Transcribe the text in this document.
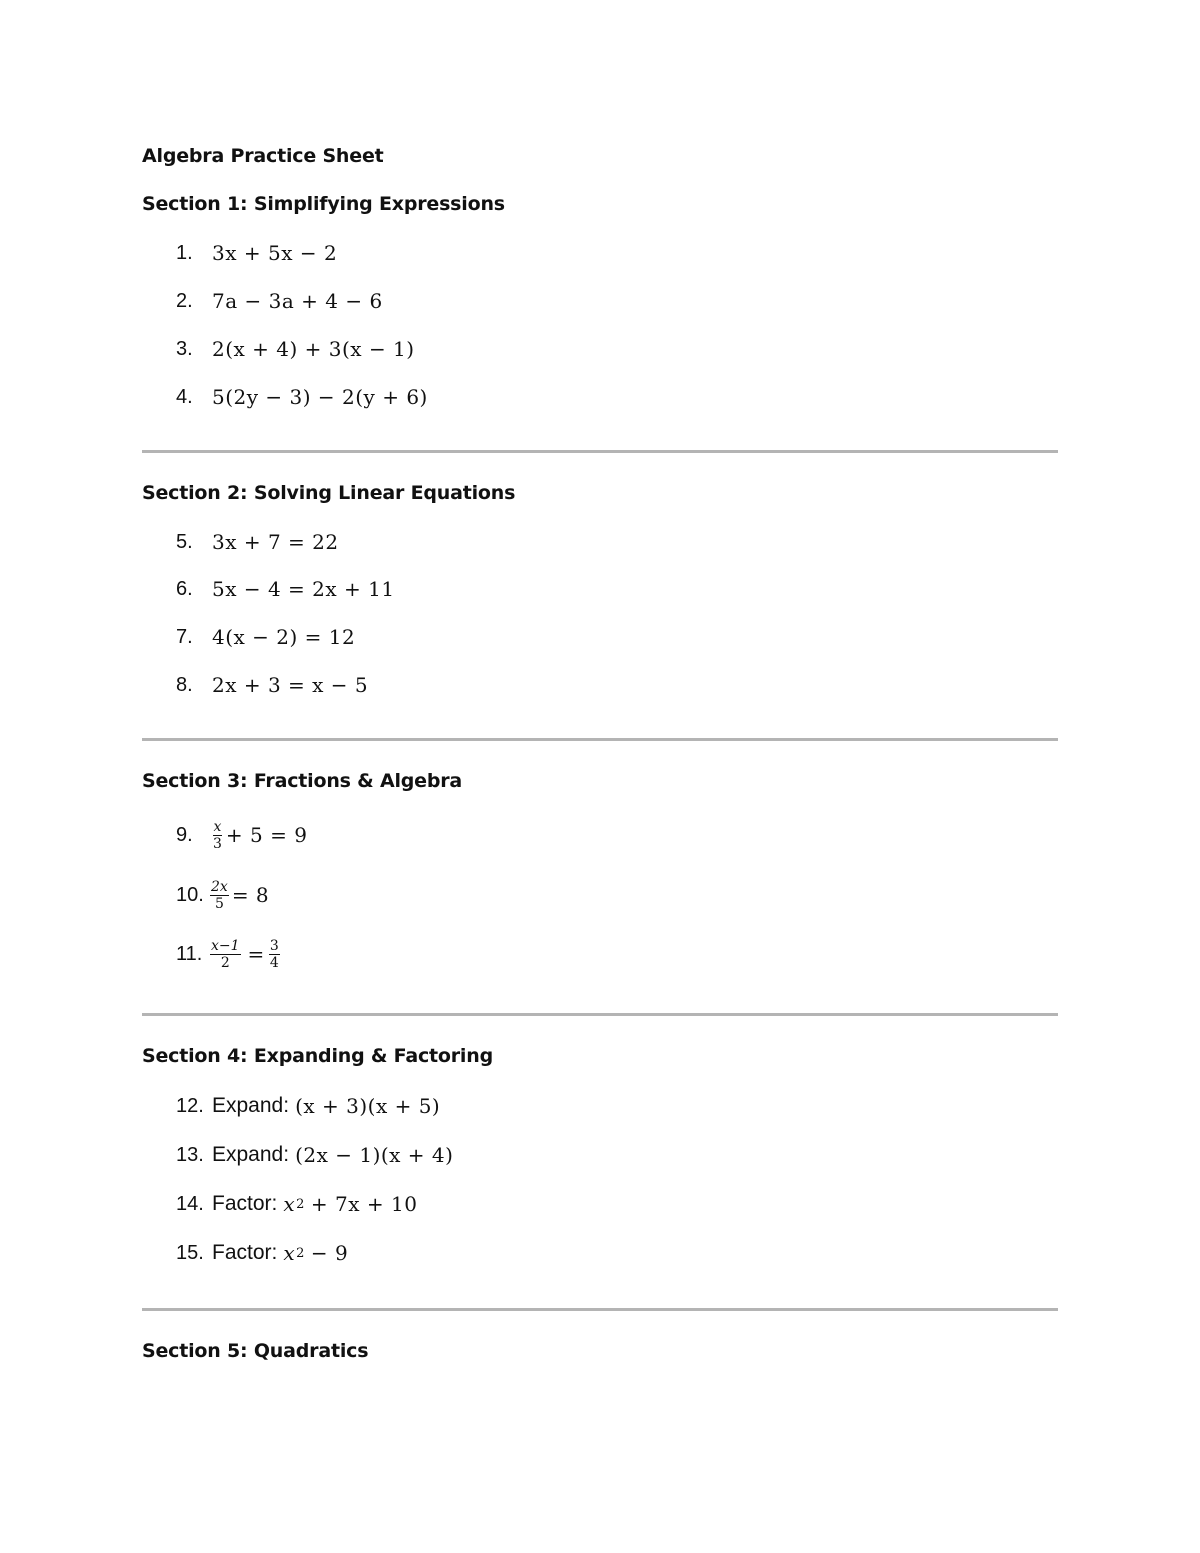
Algebra Practice Sheet
Section 1: Simplifying Expressions
1. 3x + 5x − 2
2. 7a − 3a + 4 − 6
3. 2(x + 4) + 3(x − 1)
4. 5(2y − 3) − 2(y + 6)
Section 2: Solving Linear Equations
5. 3x + 7 = 22
6. 5x − 4 = 2x + 11
7. 4(x − 2) = 12
8. 2x + 3 = x − 5
Section 3: Fractions & Algebra
9.	$\frac{x}{3} + 5 = 9$
10. $\frac{2x}{5} = 8$
11. $\frac{x-1}{2} = \frac{3}{4}$
Section 4: Expanding & Factoring
12. Expand: (x + 3)(x + 5)
13. Expand: (2x − 1)(x + 4)
14. Factor: x 2 + 7x + 10
15. Factor: x 2 − 9
Section 5: Quadratics
